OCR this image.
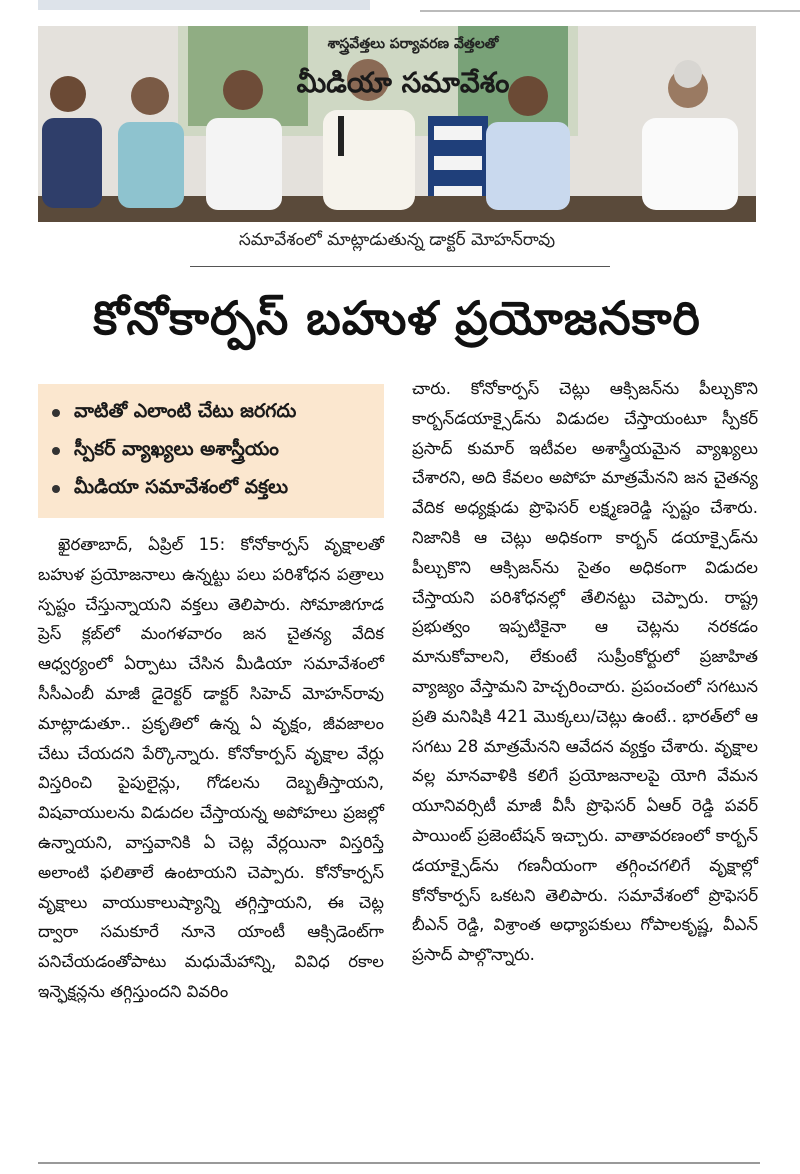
శాస్త్రవేత్తలు పర్యావరణ వేత్తలతో
మీడియా సమావేశం
సమావేశంలో మాట్లాడుతున్న డాక్టర్ మోహన్‌రావు
కోనోకార్పస్ బహుళ ప్రయోజనకారి
వాటితో ఎలాంటి చేటు జరగదు
స్పీకర్ వ్యాఖ్యలు అశాస్త్రీయం
మీడియా సమావేశంలో వక్తలు

ఖైరతాబాద్, ఏప్రిల్ 15: కోనోకార్పస్ వృక్షాలతో బహుళ ప్రయోజనాలు ఉన్నట్టు పలు పరిశోధన పత్రాలు స్పష్టం చేస్తున్నాయని వక్తలు తెలిపారు. సోమాజిగూడ ప్రెస్ క్లబ్‌లో మంగళవారం జన చైతన్య వేదిక ఆధ్వర్యంలో ఏర్పాటు చేసిన మీడియా సమావేశంలో సీసీఎంబీ మాజీ డైరెక్టర్ డాక్టర్ సిహెచ్ మోహన్‌రావు మాట్లాడుతూ.. ప్రకృతిలో ఉన్న ఏ వృక్షం, జీవజాలం చేటు చేయదని పేర్కొన్నారు. కోనోకార్పస్ వృక్షాల వేర్లు విస్తరించి పైపులైన్లు, గోడలను దెబ్బతీస్తాయని, విషవాయులను విడుదల చేస్తాయన్న అపోహలు ప్రజల్లో ఉన్నాయని, వాస్తవానికి ఏ చెట్ల వేర్లయినా విస్తరిస్తే అలాంటి ఫలితాలే ఉంటాయని చెప్పారు. కోనోకార్పస్ వృక్షాలు వాయుకాలుష్యాన్ని తగ్గిస్తాయని, ఈ చెట్ల ద్వారా సమకూరే నూనె యాంటీ ఆక్సిడెంట్‌గా పనిచేయడంతోపాటు మధుమేహాన్ని, వివిధ రకాల ఇన్ఫెక్షన్లను తగ్గిస్తుందని వివరిం

చారు. కోనోకార్పస్ చెట్లు ఆక్సిజన్‌ను పీల్చుకొని కార్బన్‌డయాక్సైడ్‌ను విడుదల చేస్తాయంటూ స్పీకర్ ప్రసాద్ కుమార్ ఇటీవల అశాస్త్రీయమైన వ్యాఖ్యలు చేశారని, అది కేవలం అపోహ మాత్రమేనని జన చైతన్య వేదిక అధ్యక్షుడు ప్రొఫెసర్ లక్ష్మణరెడ్డి స్పష్టం చేశారు. నిజానికి ఆ చెట్లు అధికంగా కార్బన్ డయాక్సైడ్‌ను పీల్చుకొని ఆక్సిజన్‌ను సైతం అధికంగా విడుదల చేస్తాయని పరిశోధనల్లో తేలినట్టు చెప్పారు. రాష్ట్ర ప్రభుత్వం ఇప్పటికైనా ఆ చెట్లను నరకడం మానుకోవాలని, లేకుంటే సుప్రీంకోర్టులో ప్రజాహిత వ్యాజ్యం వేస్తామని హెచ్చరించారు. ప్రపంచంలో సగటున ప్రతి మనిషికి 421 మొక్కలు/చెట్లు ఉంటే.. భారత్‌లో ఆ సగటు 28 మాత్రమేనని ఆవేదన వ్యక్తం చేశారు. వృక్షాల వల్ల మానవాళికి కలిగే ప్రయోజనాలపై యోగి వేమన యూనివర్సిటీ మాజీ వీసీ ప్రొఫెసర్ ఏఆర్ రెడ్డి పవర్ పాయింట్ ప్రజెంటేషన్ ఇచ్చారు. వాతావరణంలో కార్బన్ డయాక్సైడ్‌ను గణనీయంగా తగ్గించగలిగే వృక్షాల్లో కోనోకార్పస్ ఒకటని తెలిపారు. సమావేశంలో ప్రొఫెసర్ బీఎన్ రెడ్డి, విశ్రాంత అధ్యాపకులు గోపాలకృష్ణ, వీఎన్ ప్రసాద్ పాల్గొన్నారు.
